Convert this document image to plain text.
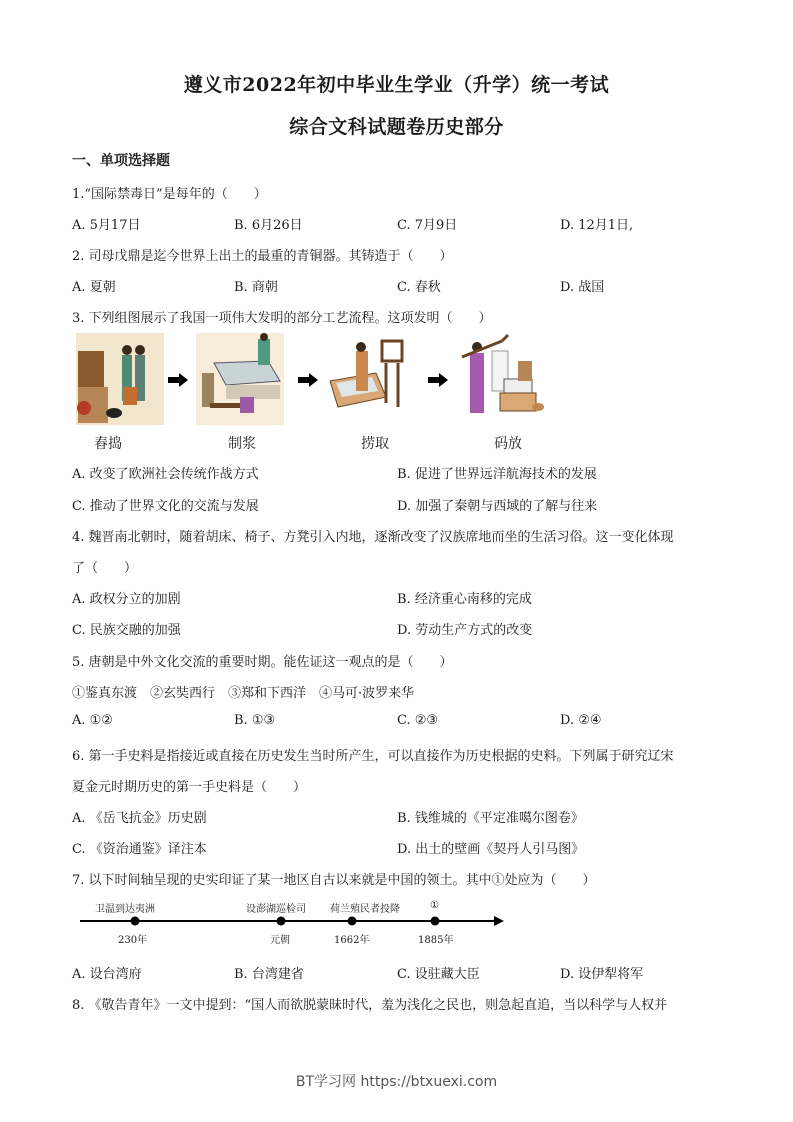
遵义市2022年初中毕业生学业（升学）统一考试
综合文科试题卷历史部分
一、单项选择题
1.“国际禁毒日”是每年的（　　）
A. 5月17日	B. 6月26日	C. 7月9日	D. 12月1日,
2. 司母戊鼎是迄今世界上出土的最重的青铜器。其铸造于（　　）
A. 夏朝	B. 商朝	C. 春秋	D. 战国
3. 下列组图展示了我国一项伟大发明的部分工艺流程。这项发明（　　）
舂捣	制浆	捞取	码放
A. 改变了欧洲社会传统作战方式	B. 促进了世界远洋航海技术的发展
C. 推动了世界文化的交流与发展	D. 加强了秦朝与西域的了解与往来
4. 魏晋南北朝时，随着胡床、椅子、方凳引入内地，逐渐改变了汉族席地而坐的生活习俗。这一变化体现
了（　　）
A. 政权分立的加剧	B. 经济重心南移的完成
C. 民族交融的加强	D. 劳动生产方式的改变
5. 唐朝是中外文化交流的重要时期。能佐证这一观点的是（　　）
①鉴真东渡　②玄奘西行　③郑和下西洋　④马可·波罗来华
A. ①②	B. ①③	C. ②③	D. ②④
6. 第一手史料是指接近或直接在历史发生当时所产生，可以直接作为历史根据的史料。下列属于研究辽宋
夏金元时期历史的第一手史料是（　　）
A. 《岳飞抗金》历史剧	B. 钱维城的《平定准噶尔图卷》
C. 《资治通鉴》译注本	D. 出土的壁画《契丹人引马图》
7. 以下时间轴呈现的史实印证了某一地区自古以来就是中国的领土。其中①处应为（　　）
卫温到达夷洲
230年
设澎湖巡检司
元朝
荷兰殖民者投降
1662年
①
1885年
A. 设台湾府	B. 台湾建省	C. 设驻藏大臣	D. 设伊犁将军
8. 《敬告青年》一文中提到：“国人而欲脱蒙昧时代，羞为浅化之民也，则急起直追，当以科学与人权并
BT学习网 https://btxuexi.com
